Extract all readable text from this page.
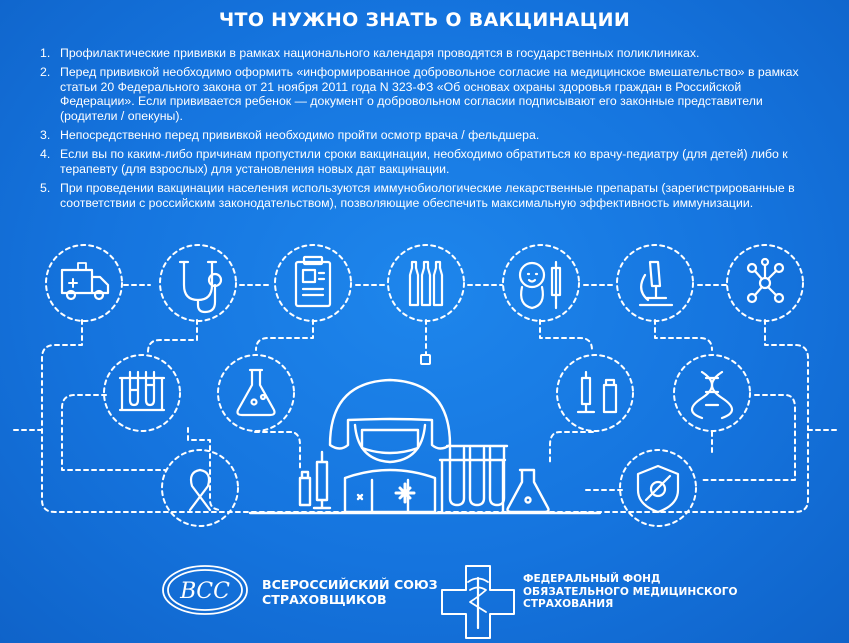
ЧТО НУЖНО ЗНАТЬ О ВАКЦИНАЦИИ
1. Профилактические прививки в рамках национального календаря проводятся в государственных поликлиниках.
2. Перед прививкой необходимо оформить «информированное добровольное согласие на медицинское вмешательство» в рамках статьи 20 Федерального закона от 21 ноября 2011 года N 323-ФЗ «Об основах охраны здоровья граждан в Российской Федерации». Если прививается ребенок — документ о добровольном согласии подписывают его законные представители (родители / опекуны).
3. Непосредственно перед прививкой необходимо пройти осмотр врача / фельдшера.
4. Если вы по каким-либо причинам пропустили сроки вакцинации, необходимо обратиться ко врачу-педиатру (для детей) либо к терапевту (для взрослых) для установления новых дат вакцинации.
5. При проведении вакцинации населения используются иммунобиологические лекарственные препараты (зарегистрированные в соответствии с российским законодательством), позволяющие обеспечить максимальную эффективность иммунизации.
ВСС	ВСЕРОССИЙСКИЙ СОЮЗ
СТРАХОВЩИКОВ
ФЕДЕРАЛЬНЫЙ ФОНД
ОБЯЗАТЕЛЬНОГО МЕДИЦИНСКОГО
СТРАХОВАНИЯ
